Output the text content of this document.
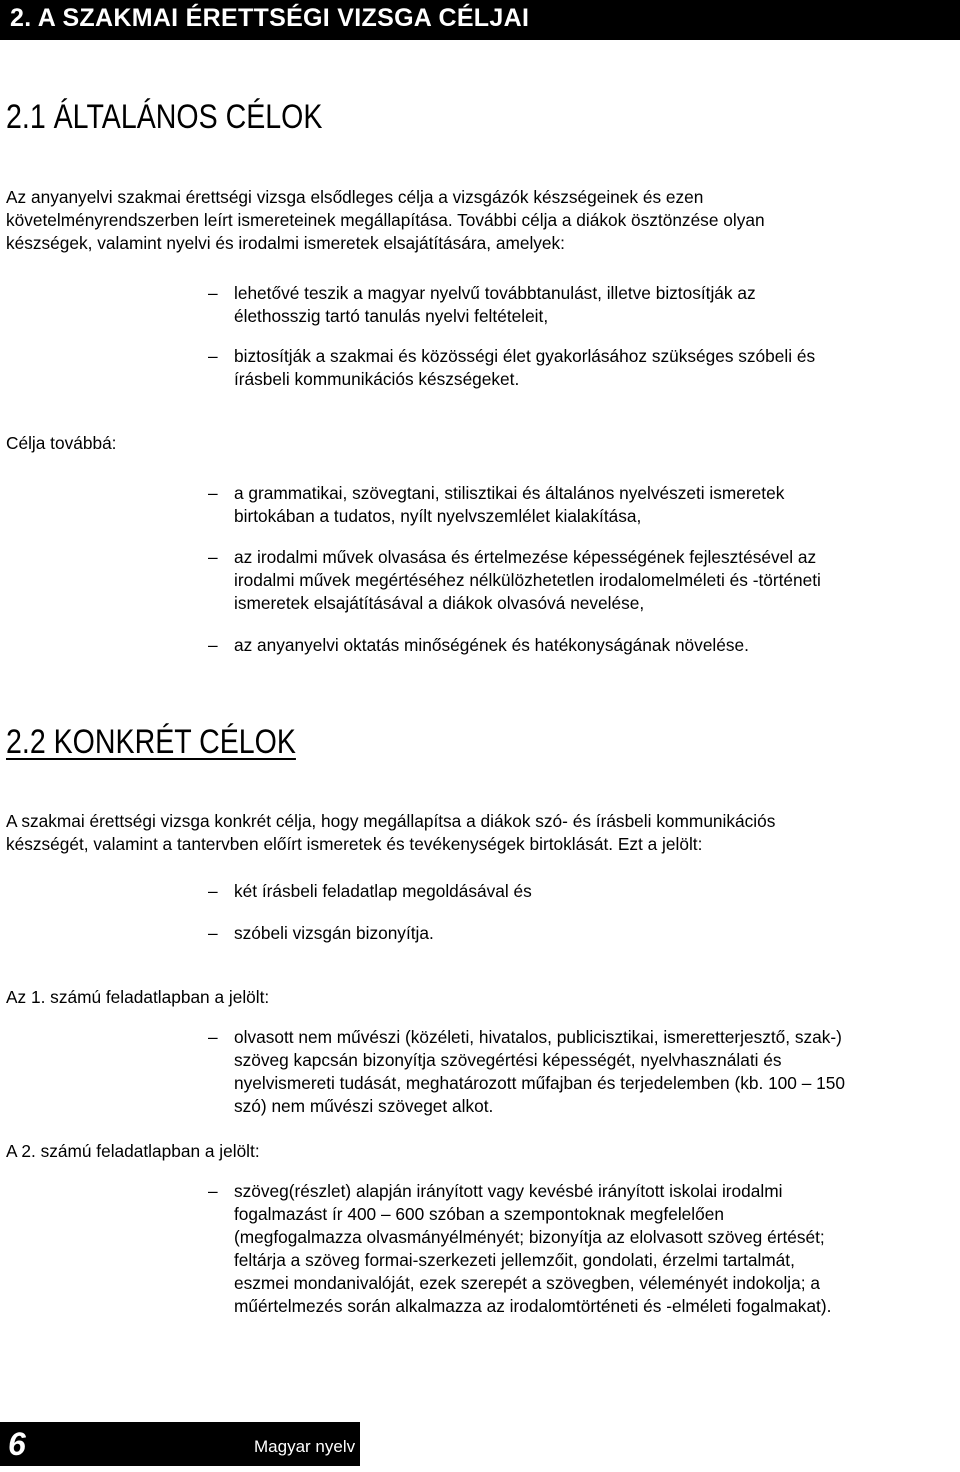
2. A SZAKMAI ÉRETTSÉGI VIZSGA CÉLJAI
2.1 ÁLTALÁNOS CÉLOK
Az anyanyelvi szakmai érettségi vizsga elsődleges célja a vizsgázók készségeinek és ezen
követelményrendszerben leírt ismereteinek megállapítása. További célja a diákok ösztönzése olyan
készségek, valamint nyelvi és irodalmi ismeretek elsajátítására, amelyek:
– lehetővé teszik a magyar nyelvű továbbtanulást, illetve biztosítják az
élethosszig tartó tanulás nyelvi feltételeit,
– biztosítják a szakmai és közösségi élet gyakorlásához szükséges szóbeli és
írásbeli kommunikációs készségeket.
Célja továbbá:
– a grammatikai, szövegtani, stilisztikai és általános nyelvészeti ismeretek
birtokában a tudatos, nyílt nyelvszemlélet kialakítása,
– az irodalmi művek olvasása és értelmezése képességének fejlesztésével az
irodalmi művek megértéséhez nélkülözhetetlen irodalomelméleti és -történeti
ismeretek elsajátításával a diákok olvasóvá nevelése,
– az anyanyelvi oktatás minőségének és hatékonyságának növelése.
2.2 KONKRÉT CÉLOK
A szakmai érettségi vizsga konkrét célja, hogy megállapítsa a diákok szó- és írásbeli kommunikációs
készségét, valamint a tantervben előírt ismeretek és tevékenységek birtoklását. Ezt a jelölt:
– két írásbeli feladatlap megoldásával és
– szóbeli vizsgán bizonyítja.
Az 1. számú feladatlapban a jelölt:
– olvasott nem művészi (közéleti, hivatalos, publicisztikai, ismeretterjesztő, szak-)
szöveg kapcsán bizonyítja szövegértési képességét, nyelvhasználati és
nyelvismereti tudását, meghatározott műfajban és terjedelemben (kb. 100 – 150
szó) nem művészi szöveget alkot.
A 2. számú feladatlapban a jelölt:
– szöveg(részlet) alapján irányított vagy kevésbé irányított iskolai irodalmi
fogalmazást ír 400 – 600 szóban a szempontoknak megfelelően
(megfogalmazza olvasmányélményét; bizonyítja az elolvasott szöveg értését;
feltárja a szöveg formai-szerkezeti jellemzőit, gondolati, érzelmi tartalmát,
eszmei mondanivalóját, ezek szerepét a szövegben, véleményét indokolja; a
műértelmezés során alkalmazza az irodalomtörténeti és -elméleti fogalmakat).
6	Magyar nyelv
